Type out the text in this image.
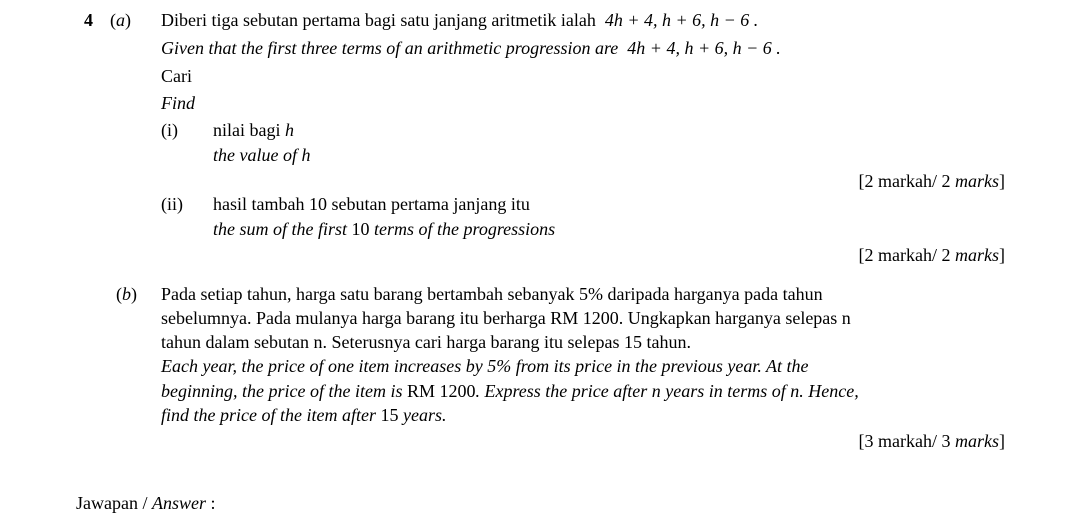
4 (a) Diberi tiga sebutan pertama bagi satu janjang aritmetik ialah 4h + 4, h + 6, h − 6 .
Given that the first three terms of an arithmetic progression are 4h + 4, h + 6, h − 6 .
Cari
Find
(i) nilai bagi h
the value of h
[2 markah/ 2 marks]
(ii) hasil tambah 10 sebutan pertama janjang itu
the sum of the first 10 terms of the progressions
[2 markah/ 2 marks]
(b) Pada setiap tahun, harga satu barang bertambah sebanyak 5% daripada harganya pada tahun
sebelumnya. Pada mulanya harga barang itu berharga RM 1200. Ungkapkan harganya selepas n
tahun dalam sebutan n. Seterusnya cari harga barang itu selepas 15 tahun.
Each year, the price of one item increases by 5% from its price in the previous year. At the
beginning, the price of the item is RM 1200. Express the price after n years in terms of n. Hence,
find the price of the item after 15 years.
[3 markah/ 3 marks]
Jawapan / Answer :
